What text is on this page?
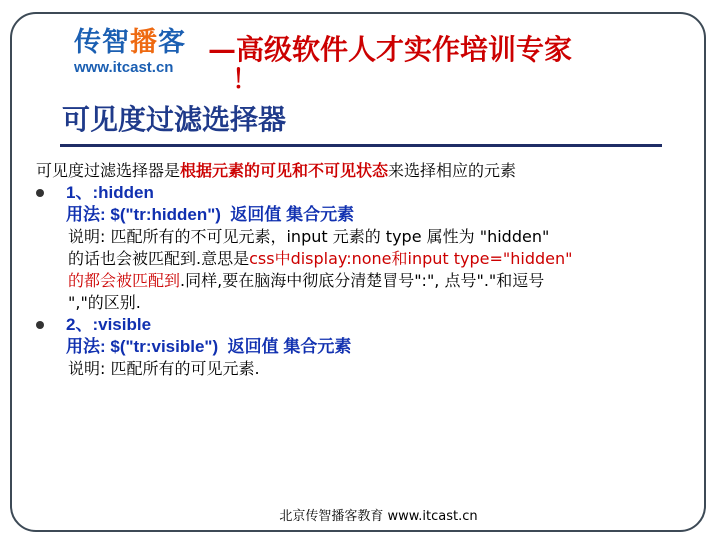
传智播客
www.itcast.cn
—高级软件人才实作培训专家
！
可见度过滤选择器
可见度过滤选择器是根据元素的可见和不可见状态来选择相应的元素
1、:hidden
用法: $("tr:hidden") 返回值 集合元素
说明: 匹配所有的不可见元素，input 元素的 type 属性为 "hidden"
的话也会被匹配到.意思是css中display:none和input type="hidden"
的都会被匹配到.同样,要在脑海中彻底分清楚冒号":", 点号"."和逗号
","的区别.
2、:visible
用法: $("tr:visible") 返回值 集合元素
说明: 匹配所有的可见元素.
北京传智播客教育 www.itcast.cn
